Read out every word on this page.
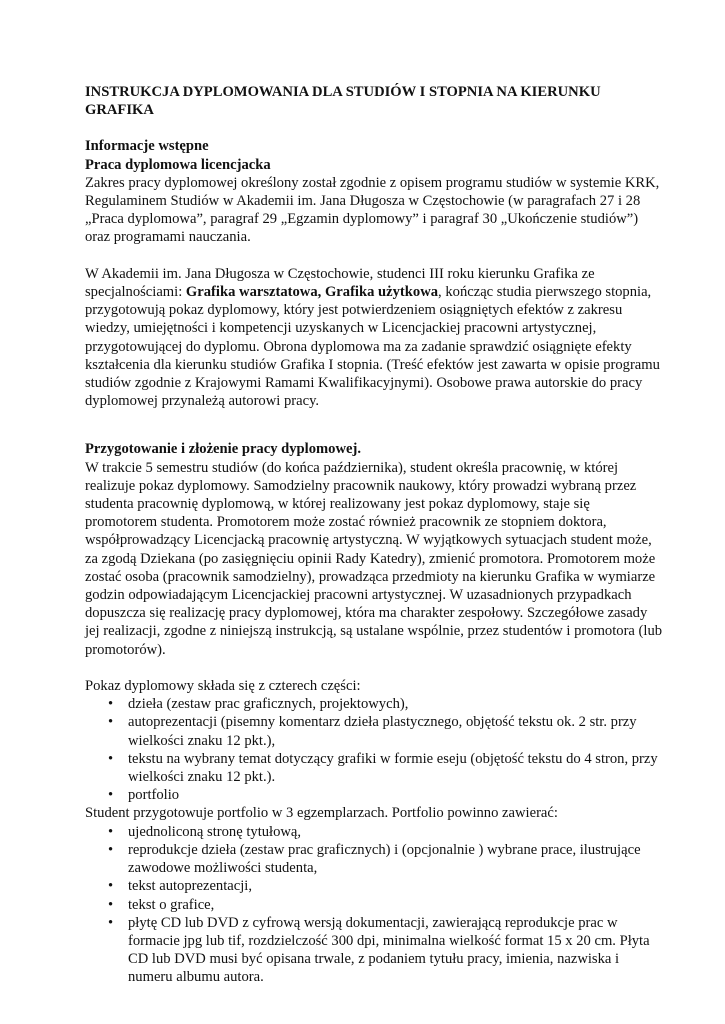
INSTRUKCJA DYPLOMOWANIA DLA STUDIÓW I STOPNIA NA KIERUNKU GRAFIKA

Informacje wstępne

Praca dyplomowa licencjacka

Zakres pracy dyplomowej określony został zgodnie z opisem programu studiów w systemie KRK, Regulaminem Studiów w Akademii im. Jana Długosza w Częstochowie (w paragrafach 27 i 28 „Praca dyplomowa”, paragraf 29 „Egzamin dyplomowy” i paragraf 30 „Ukończenie studiów”) oraz programami nauczania.

W Akademii im. Jana Długosza w Częstochowie, studenci III roku kierunku Grafika ze specjalnościami: Grafika warsztatowa, Grafika użytkowa, kończąc studia pierwszego stopnia, przygotowują pokaz dyplomowy, który jest potwierdzeniem osiągniętych efektów z zakresu wiedzy, umiejętności i kompetencji uzyskanych w Licencjackiej pracowni artystycznej, przygotowującej do dyplomu. Obrona dyplomowa ma za zadanie sprawdzić osiągnięte efekty kształcenia dla kierunku studiów Grafika I stopnia. (Treść efektów jest zawarta w opisie programu studiów zgodnie z Krajowymi Ramami Kwalifikacyjnymi). Osobowe prawa autorskie do pracy dyplomowej przynależą autorowi pracy.

Przygotowanie i złożenie pracy dyplomowej.

W trakcie 5 semestru studiów (do końca października), student określa pracownię, w której realizuje pokaz dyplomowy. Samodzielny pracownik naukowy, który prowadzi wybraną przez studenta pracownię dyplomową, w której realizowany jest pokaz dyplomowy, staje się promotorem studenta. Promotorem może zostać również pracownik ze stopniem doktora, współprowadzący Licencjacką pracownię artystyczną. W wyjątkowych sytuacjach student może, za zgodą Dziekana (po zasięgnięciu opinii Rady Katedry), zmienić promotora. Promotorem może zostać osoba (pracownik samodzielny), prowadząca przedmioty na kierunku Grafika w wymiarze godzin odpowiadającym Licencjackiej pracowni artystycznej. W uzasadnionych przypadkach dopuszcza się realizację pracy dyplomowej, która ma charakter zespołowy. Szczegółowe zasady jej realizacji, zgodne z niniejszą instrukcją, są ustalane wspólnie, przez studentów i promotora (lub promotorów).

Pokaz dyplomowy składa się z czterech części:

• dzieła (zestaw prac graficznych, projektowych),
• autoprezentacji (pisemny komentarz dzieła plastycznego, objętość tekstu ok. 2 str. przy wielkości znaku 12 pkt.),
• tekstu na wybrany temat dotyczący grafiki w formie eseju (objętość tekstu do 4 stron, przy wielkości znaku 12 pkt.).
• portfolio

Student przygotowuje portfolio w 3 egzemplarzach. Portfolio powinno zawierać:

• ujednoliconą stronę tytułową,
• reprodukcje dzieła (zestaw prac graficznych) i (opcjonalnie ) wybrane prace, ilustrujące zawodowe możliwości studenta,
• tekst autoprezentacji,
• tekst o grafice,
• płytę CD lub DVD z cyfrową wersją dokumentacji, zawierającą reprodukcje prac w formacie jpg lub tif, rozdzielczość 300 dpi, minimalna wielkość format 15 x 20 cm. Płyta CD lub DVD musi być opisana trwale, z podaniem tytułu pracy, imienia, nazwiska i numeru albumu autora.
